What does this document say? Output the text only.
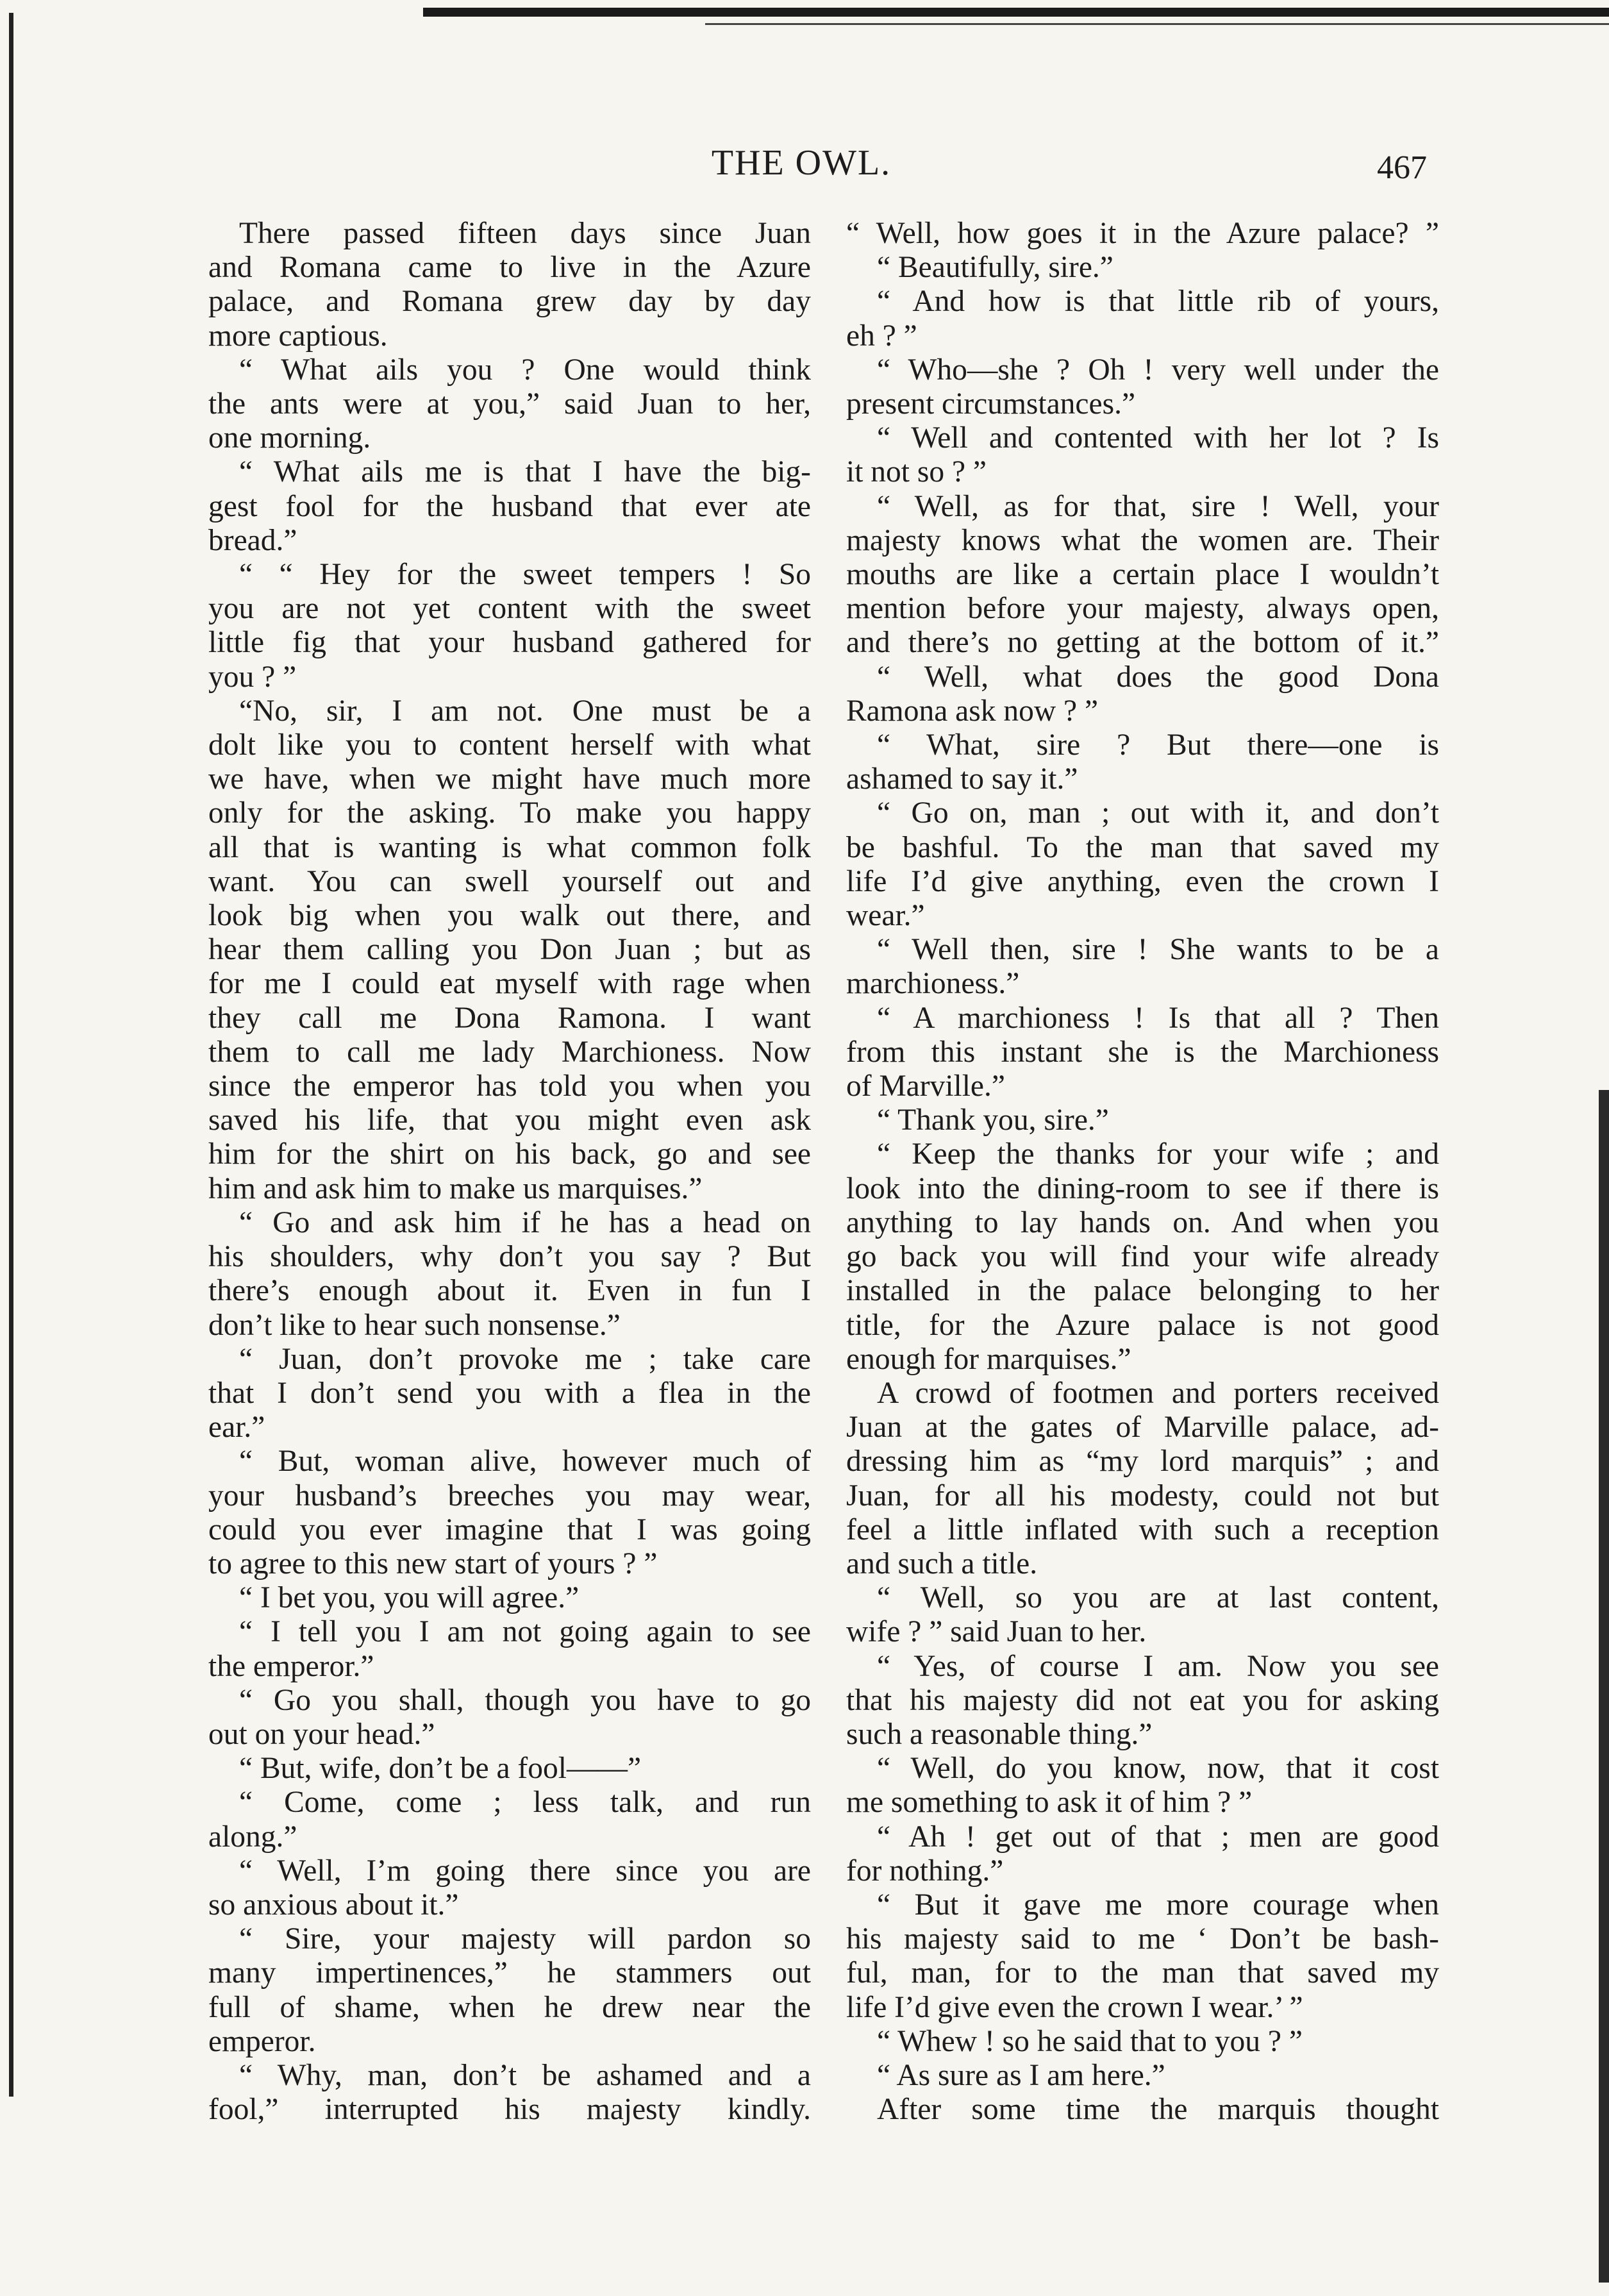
THE OWL.	467
There passed fifteen days since Juan
and Romana came to live in the Azure
palace, and Romana grew day by day
more captious.
“ What ails you ? One would think
the ants were at you,” said Juan to her,
one morning.
“ What ails me is that I have the big-
gest fool for the husband that ever ate
bread.”
“ “ Hey for the sweet tempers ! So
you are not yet content with the sweet
little fig that your husband gathered for
you ? ”
“No, sir, I am not. One must be a
dolt like you to content herself with what
we have, when we might have much more
only for the asking. To make you happy
all that is wanting is what common folk
want. You can swell yourself out and
look big when you walk out there, and
hear them calling you Don Juan ; but as
for me I could eat myself with rage when
they call me Dona Ramona. I want
them to call me lady Marchioness. Now
since the emperor has told you when you
saved his life, that you might even ask
him for the shirt on his back, go and see
him and ask him to make us marquises.”
“ Go and ask him if he has a head on
his shoulders, why don’t you say ? But
there’s enough about it. Even in fun I
don’t like to hear such nonsense.”
“ Juan, don’t provoke me ; take care
that I don’t send you with a flea in the
ear.”
“ But, woman alive, however much of
your husband’s breeches you may wear,
could you ever imagine that I was going
to agree to this new start of yours ? ”
“ I bet you, you will agree.”
“ I tell you I am not going again to see
the emperor.”
“ Go you shall, though you have to go
out on your head.”
“ But, wife, don’t be a fool——”
“ Come, come ; less talk, and run
along.”
“ Well, I’m going there since you are
so anxious about it.”
“ Sire, your majesty will pardon so
many impertinences,” he stammers out
full of shame, when he drew near the
emperor.
“ Why, man, don’t be ashamed and a
fool,” interrupted his majesty kindly.
“ Well, how goes it in the Azure palace? ”
“ Beautifully, sire.”
“ And how is that little rib of yours,
eh ? ”
“ Who—she ? Oh ! very well under the
present circumstances.”
“ Well and contented with her lot ? Is
it not so ? ”
“ Well, as for that, sire ! Well, your
majesty knows what the women are. Their
mouths are like a certain place I wouldn’t
mention before your majesty, always open,
and there’s no getting at the bottom of it.”
“ Well, what does the good Dona
Ramona ask now ? ”
“ What, sire ? But there—one is
ashamed to say it.”
“ Go on, man ; out with it, and don’t
be bashful. To the man that saved my
life I’d give anything, even the crown I
wear.”
“ Well then, sire ! She wants to be a
marchioness.”
“ A marchioness ! Is that all ? Then
from this instant she is the Marchioness
of Marville.”
“ Thank you, sire.”
“ Keep the thanks for your wife ; and
look into the dining-room to see if there is
anything to lay hands on. And when you
go back you will find your wife already
installed in the palace belonging to her
title, for the Azure palace is not good
enough for marquises.”
A crowd of footmen and porters received
Juan at the gates of Marville palace, ad-
dressing him as “my lord marquis” ; and
Juan, for all his modesty, could not but
feel a little inflated with such a reception
and such a title.
“ Well, so you are at last content,
wife ? ” said Juan to her.
“ Yes, of course I am. Now you see
that his majesty did not eat you for asking
such a reasonable thing.”
“ Well, do you know, now, that it cost
me something to ask it of him ? ”
“ Ah ! get out of that ; men are good
for nothing.”
“ But it gave me more courage when
his majesty said to me ‘ Don’t be bash-
ful, man, for to the man that saved my
life I’d give even the crown I wear.’ ”
“ Whew ! so he said that to you ? ”
“ As sure as I am here.”
After some time the marquis thought
